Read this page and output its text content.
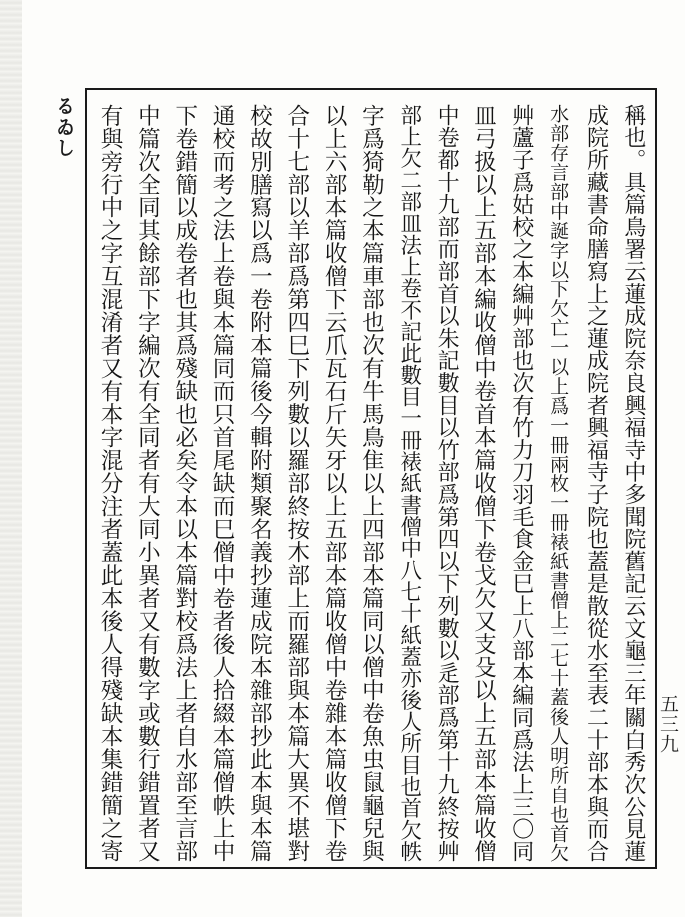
るゐし	稱也。具篇鳥署云蓮成院奈良興福寺中多聞院舊記云文龜三年關白秀次公見蓮
成院所藏書命膳寫上之蓮成院者興福寺子院也蓋是散從水至表二十部本與而合
水部存言部中誕字以下欠亡一以上爲一冊兩枚一冊裱紙書僧上二七十蓋後人明所自也首欠
艸蘆子爲姑校之本編艸部也次有竹力刀羽毛食金巳上八部本編同爲法上三〇同
皿弓扱以上五部本編收僧中卷首本篇收僧下卷戈欠又支殳以上五部本篇收僧
中卷都十九部而部首以朱記數目以竹部爲第四以下列數以辵部爲第十九終按艸
部上欠二部皿法上卷不記此數目一冊裱紙書僧中八七十紙蓋亦後人所目也首欠帙
字爲猗勒之本篇車部也次有牛馬鳥隹以上四部本篇同以僧中卷魚虫鼠龜兒與
以上六部本篇收僧下云爪瓦石斤矢牙以上五部本篇收僧中卷雜本篇收僧下卷
合十七部以羊部爲第四巳下列數以羅部終按木部上而羅部與本篇大異不堪對
校故別膳寫以爲一卷附本篇後今輯附類聚名義抄蓮成院本雜部抄此本與本篇
通校而考之法上卷與本篇同而只首尾缺而巳僧中卷者後人拾綴本篇僧帙上中
下卷錯簡以成卷者也其爲殘缺也必矣令本以本篇對校爲法上者自水部至言部
中篇次全同其餘部下字編次有全同者有大同小異者又有數字或數行錯置者又
有與旁行中之字互混淆者又有本字混分注者蓋此本後人得殘缺本集錯簡之寄	五三九
